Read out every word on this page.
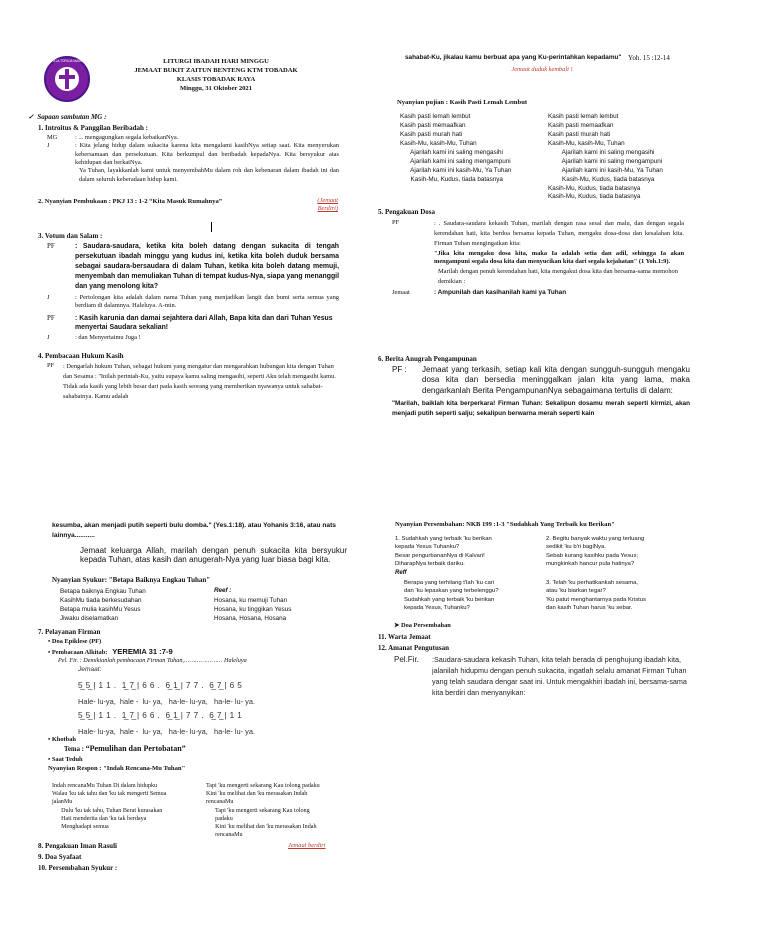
GEREJA TORAJA MAMASA	LITURGI IBADAH HARI MINGGU
JEMAAT BUKIT ZAITUN BENTENG KTM TOBADAK
KLASIS TOBADAK RAYA
Minggu, 31 Oktober 2021
✓  Sapaan sambutan MG :
1. Introitus & Panggilan Beribadah :
MG	: ... mengagungkan segala kebaikanNya.
J	: Kita jelang hidup dalam sukacita karena kita mengalami kasihNya setiap saat. Kita menyerukan kebersamaan dan persekutuan. Kita berkumpul dan beribadah kepadaNya. Kita bersyukur atas kehidupan dan berkatNya.
Ya Tuhan, layakkanlah kami untuk menyembahMu dalam roh dan kebenaran dalam ibadah ini dan dalam seluruh keberadaan hidup kami.
2. Nyanyian Pembukaan : PKJ 13 : 1-2 “Kita Masuk Rumahnya”	(Jemaat Berdiri)
3. Votum dan Salam :
PF	: Saudara-saudara, ketika kita boleh datang dengan sukacita di tengah persekutuan ibadah minggu yang kudus ini, ketika kita boleh duduk bersama sebagai saudara-bersaudara di dalam Tuhan, ketika kita boleh datang memuji, menyembah dan memuliakan Tuhan di tempat kudus-Nya, siapa yang menanggil dan yang menolong kita?
J	: Pertolongan kita adalah dalam nama Tuhan yang menjadikan langit dan bumi serta semua yang berdiam di dalamnya. Haleluya. A-min.
PF	: Kasih karunia dan damai sejahtera dari Allah, Bapa kita dan dari Tuhan Yesus menyertai Saudara sekalian!
J	: dan Menyertaimu Juga !
4. Pembacaan Hukum Kasih
PF	: Dengarlah hukum Tuhan, sebagai hukum yang mengatur dan mengarahkan hubungan kita dengan Tuhan dan Sesama : "Inilah perintah-Ku, yaitu supaya kamu saling mengasihi, seperti Aku telah mengasihi kamu. Tidak ada kasih yang lebih besar dari pada kasih seorang yang memberikan nyawanya untuk sahabat-sahabatnya. Kamu adalah
sahabat-Ku, jikalau kamu berbuat apa yang Ku-perintahkan kepadamu" Yoh. 15 :12-14
Jemaat duduk kembali !
Nyanyian pujian : Kasih Pasti Lemah Lembut
Kasih pasti lemah lembut
Kasih pasti memaafkan
Kasih pasti murah hati
Kasih-Mu, kasih-Mu, Tuhan
Ajarilah kami ini saling mengasihi
Ajarilah kami ini saling mengampuni
Ajarilah kami ini kasih-Mu, Ya Tuhan
Kasih-Mu, Kudus, tiada batasnya
Kasih pasti lemah lembut
Kasih pasti memaafkan
Kasih pasti murah hati
Kasih-Mu, kasih-Mu, Tuhan
Ajarilah kami ini saling mengasihi
Ajarilah kami ini saling mengampuni
Ajarilah kami ini kasih-Mu, Ya Tuhan
Kasih-Mu, Kudus, tiada batasnya
Kasih-Mu, Kudus, tiada batasnya
Kasih-Mu, Kudus, tiada batasnya
5. Pengakuan Dosa
PF	: . Saudara-saudara kekasih Tuhan, marilah dengan rasa sesal dan malu, dan dengan segala kerendahan hati, kita berdoa bersama kepada Tuhan, mengaku dosa-dosa dan kesalahan kita. Firman Tuhan mengingatkan kita:
"Jika kita mengaku dosa kita, maka Ia adalah setia dan adil, sehingga Ia akan mengampuni segala dosa kita dan menyucikan kita dari segala kejahatan" (1 Yoh.1:9).
Marilah dengan penuh kerendahan hati, kita mengakui dosa kita dan bersama-sama memohon demikian :
Jemaat	: Ampunilah dan kasihanilah kami ya Tuhan
6. Berita Anugrah Pengampunan
PF :	Jemaat yang terkasih, setiap kali kita dengan sungguh-sungguh mengaku dosa kita dan bersedia meninggalkan jalan kita yang lama, maka dengarkanlah Berita PengampunanNya sebagaimana tertulis di dalam:
"Marilah, baiklah kita berperkara! Firman Tuhan: Sekalipun dosamu merah seperti kirmizi, akan menjadi putih seperti salju; sekalipun berwarna merah seperti kain
kesumba, akan menjadi putih seperti bulu domba." (Yes.1:18). atau Yohanis 3:16, atau nats lainnya...........
Jemaat keluarga Allah, marilah dengan penuh sukacita kita bersyukur kepada Tuhan, atas kasih dan anugerah-Nya yang luar biasa bagi kita.
Nyanyian Syukur: "Betapa Baiknya Engkau Tuhan"
Betapa baiknya Engkau Tuhan
KasihMu tiada berkesudahan
Betapa mulia kasihMu Yesus
Jiwaku diselamatkan
Reef :
Hosana, ku memuji Tuhan
Hosana, ku tinggikan Yesus
Hosana, Hosana, Hosana
7. Pelayanan Firman
• Doa Epiklese (PF)
• Pembacaan Alkitab: YEREMIA 31 :7-9
Pel. Fir. : Demikianlah pembacaan Firman Tuhan,………………… Haleluya
Jemaat:
5̲ 5̲ | 1 1 .  1̲ 7̲ | 6 6 .  6̲ 1̲ | 7 7 .  6̲ 7̲ | 6 5
Hale- lu-ya,  hale -  lu- ya,   ha-le- lu-ya,   ha-le- lu- ya.
5̲ 5̲ | 1 1 .  1̲ 7̲ | 6 6 .  6̲ 1̲ | 7 7 .  6̲ 7̲ | 1 1
Hale- lu-ya,  hale -  lu- ya,   ha-le- lu-ya,   ha-le- lu- ya.
• Khotbah
Tema : “Pemulihan dan Pertobatan”
• Saat Teduh
Nyanyian Respon : "Indah Rencana-Mu Tuhan"
Indah rencanaMu Tuhan Di dalam hidupku
Walau 'ku tak tahu dan 'ku tak mengerti Semua
jalanMu
Dulu 'ku tak tahu, Tuhan Berat kurasakan
Hati menderita dan 'ku tak berdaya
Menghadapi semua
Tapi 'ku mengerti sekarang Kau tolong padaku
Kini 'ku melihat dan 'ku merasakan Indah
rencanaMu
Tapi 'ku mengerti sekarang Kau tolong
padaku
Kini 'ku melihat dan 'ku merasakan Indah
rencanaMu
8. Pengakuan Iman Rasuli	Jemaat berdiri
9. Doa Syafaat
10. Persembahan Syukur :
Nyanyian Persembahan: NKB 199 :1-3 "Sudahkah Yang Terbaik ku Berikan"
1. Sudahkah yang terbaik 'ku berikan
kepada Yesus Tuhanku?
Besar pengurbananNya di Kalvari!
DiharapNya terbaik dariku.
Reff
Berapa yang terhilang t'lah 'ku cari
dan 'ku lepaskan yang terbelenggu?
Sudahkah yang terbaik 'ku berikan
kepada Yesus, Tuhanku?
2. Begitu banyak waktu yang terluang
sedikit 'ku b'ri bagiNya.
Sebab kurang kasihku pada Yesus;
mungkinkah hancur pula hatinya?
3. Telah 'ku perhatikankah sesama,
atau 'ku biarkan tegar?
'Ku patut menghantarnya pada Kristus
dan kasih Tuhan harus 'ku sebar.
➤ Doa Persembahan
11. Warta Jemaat
12. Amanat Pengutusan
Pel.Fir.	:Saudara-saudara kekasih Tuhan, kita telah berada di penghujung ibadah kita, jalanilah hidupmu dengan penuh sukacita, ingatlah selalu amanat Firman Tuhan yang telah saudara dengar saat ini. Untuk mengakhiri ibadah ini, bersama-sama kita berdiri dan menyanyikan:
